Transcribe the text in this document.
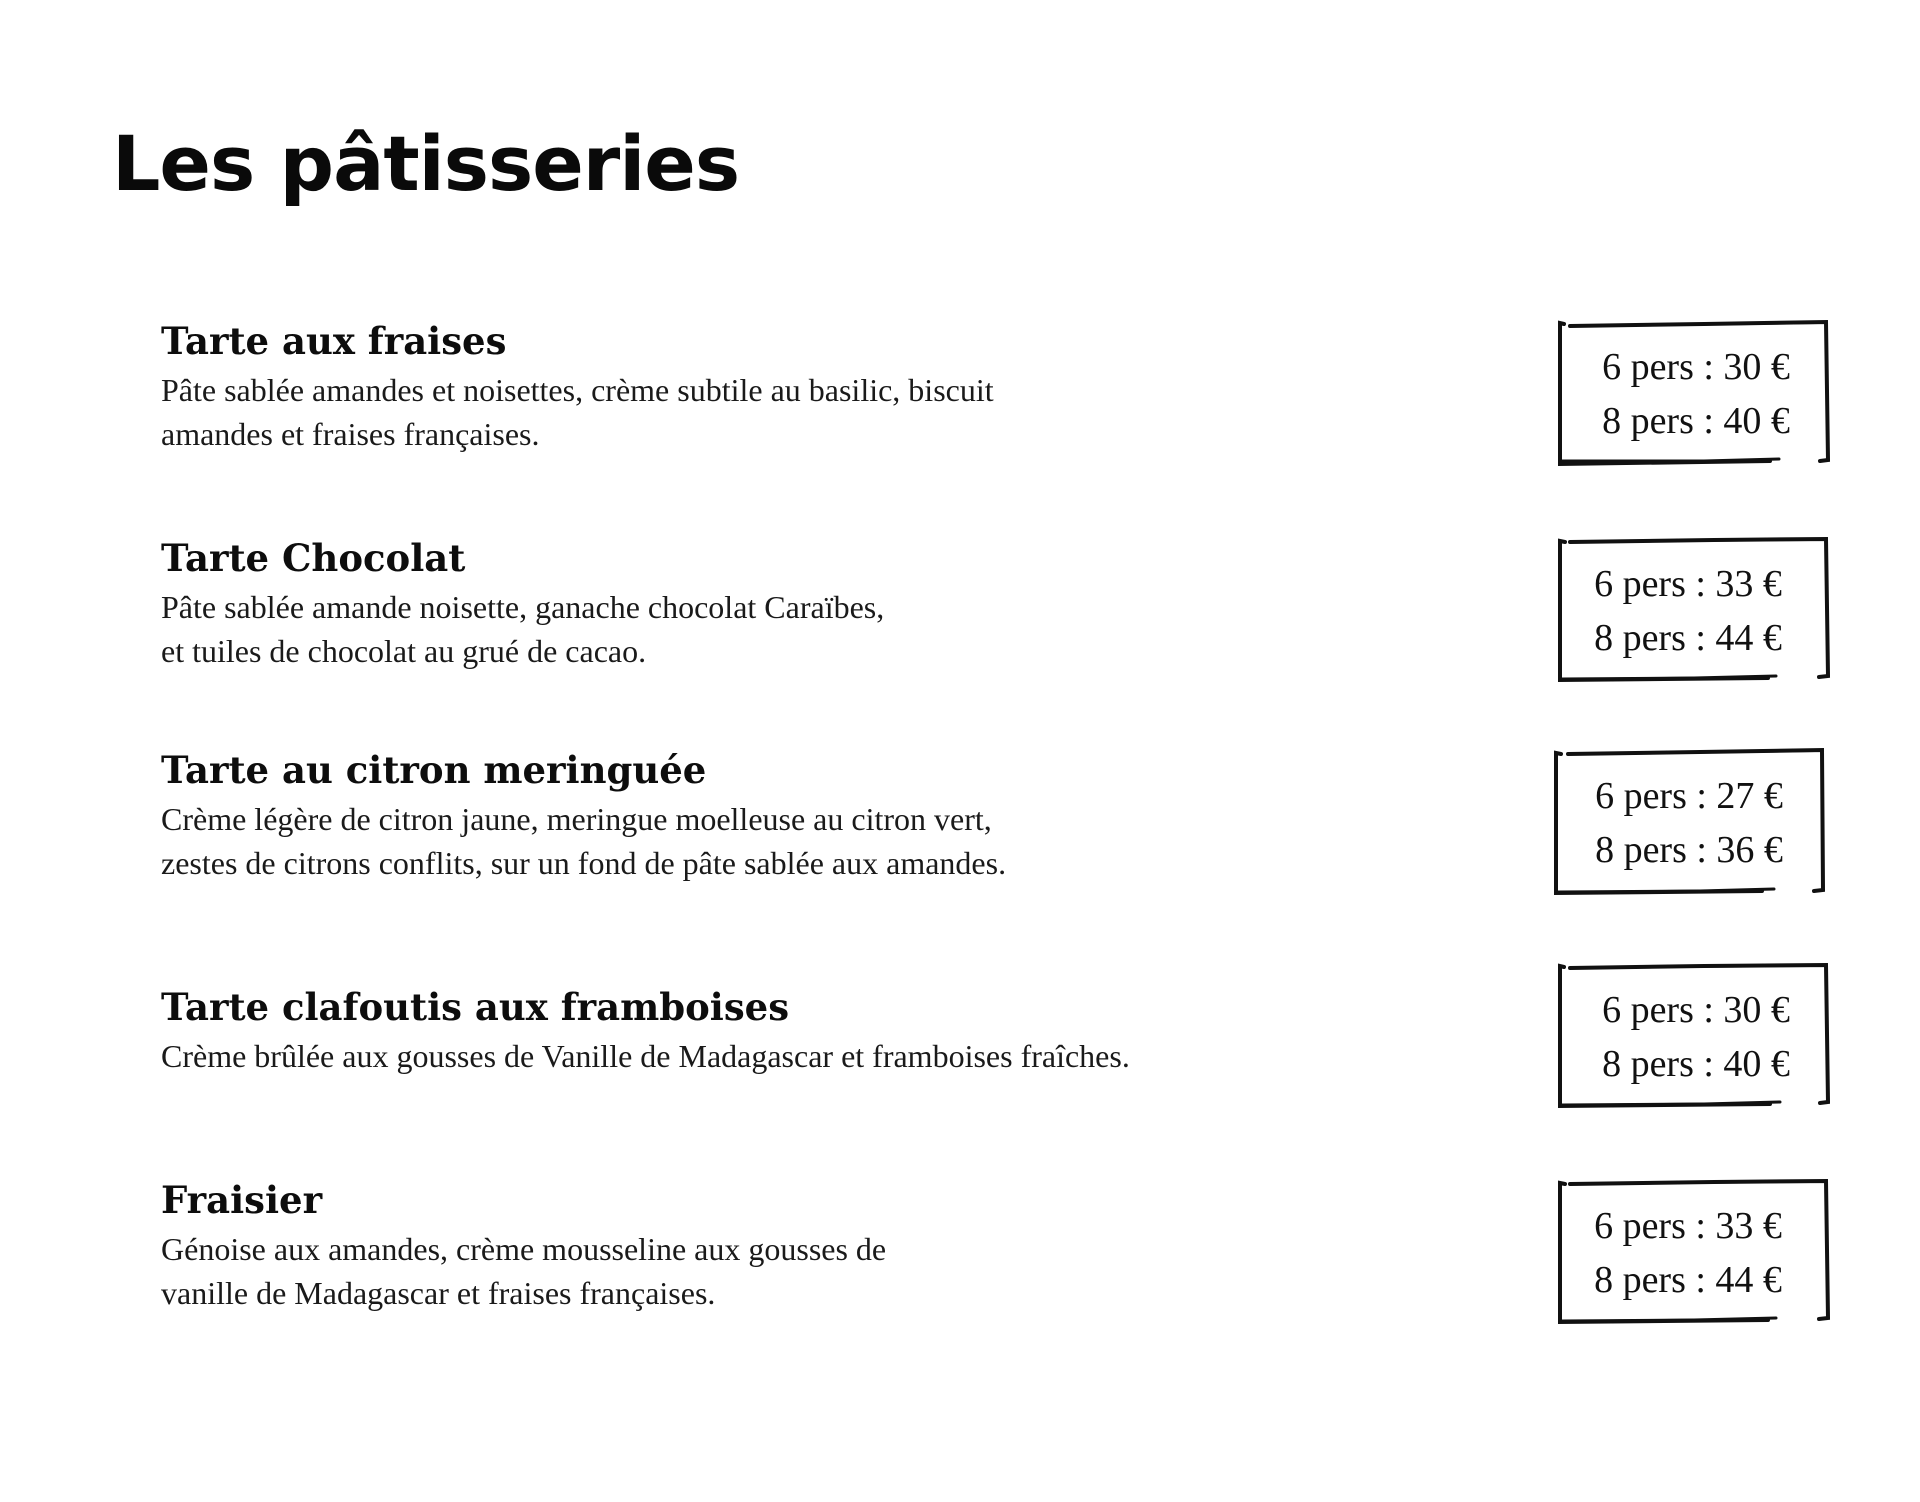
Les pâtisseries
Tarte aux fraises

Pâte sablée amandes et noisettes, crème subtile au basilic, biscuit
amandes et fraises françaises.

6 pers : 30 €
8 pers : 40 €
Tarte Chocolat

Pâte sablée amande noisette, ganache chocolat Caraïbes,
et tuiles de chocolat au grué de cacao.

6 pers : 33 €
8 pers : 44 €
Tarte au citron meringuée

Crème légère de citron jaune, meringue moelleuse au citron vert,
zestes de citrons conflits, sur un fond de pâte sablée aux amandes.

6 pers : 27 €
8 pers : 36 €
Tarte clafoutis aux framboises

Crème brûlée aux gousses de Vanille de Madagascar et framboises fraîches.

6 pers : 30 €
8 pers : 40 €
Fraisier

Génoise aux amandes, crème mousseline aux gousses de
vanille de Madagascar et fraises françaises.

6 pers : 33 €
8 pers : 44 €
